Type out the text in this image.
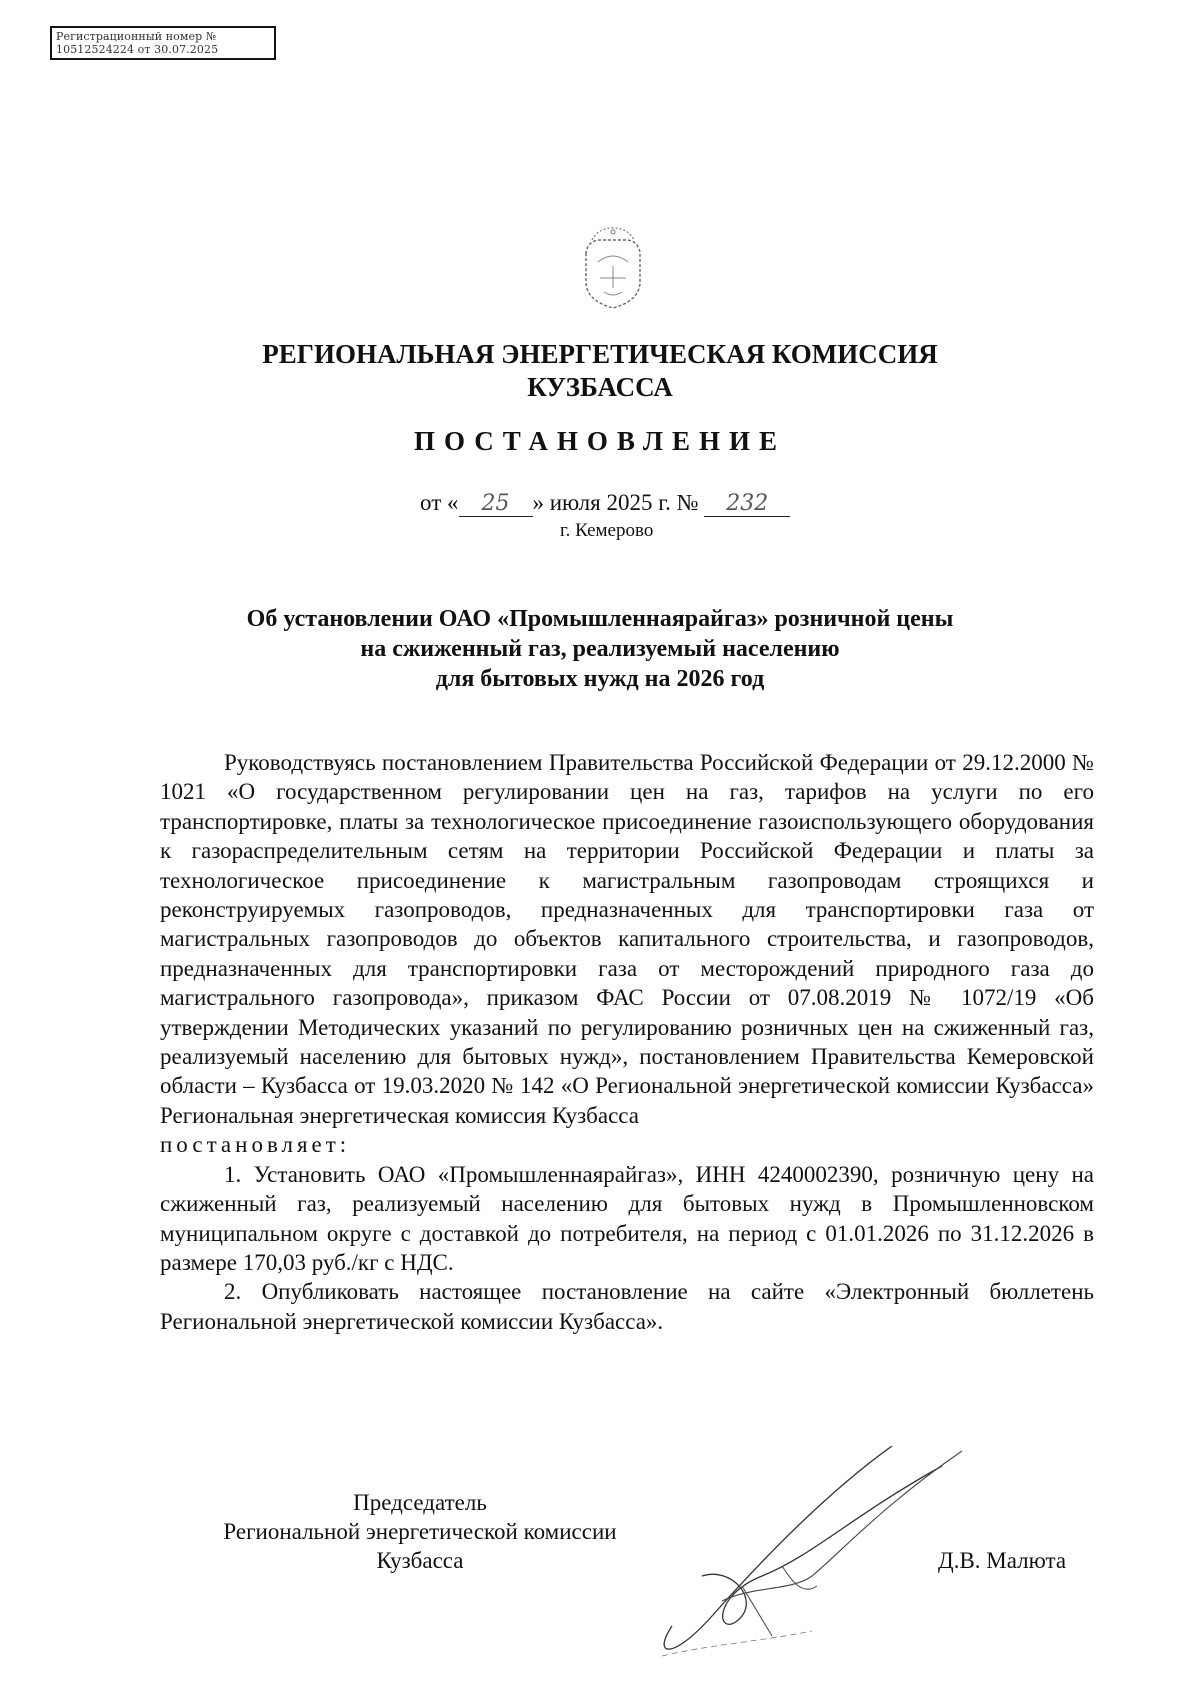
Регистрационный номер №
10512524224 от 30.07.2025
РЕГИОНАЛЬНАЯ ЭНЕРГЕТИЧЕСКАЯ КОМИССИЯ
КУЗБАССА
ПОСТАНОВЛЕНИЕ
от « 25 » июля 2025 г. № 232
г. Кемерово
Об установлении ОАО «Промышленнаярайгаз» розничной цены
на сжиженный газ, реализуемый населению
для бытовых нужд на 2026 год

Руководствуясь постановлением Правительства Российской Федерации от 29.12.2000 № 1021 «О государственном регулировании цен на газ, тарифов на услуги по его транспортировке, платы за технологическое присоединение газоиспользующего оборудования к газораспределительным сетям на территории Российской Федерации и платы за технологическое присоединение к магистральным газопроводам строящихся и реконструируемых газопроводов, предназначенных для транспортировки газа от магистральных газопроводов до объектов капитального строительства, и газопроводов, предназначенных для транспортировки газа от месторождений природного газа до магистрального газопровода», приказом ФАС России от 07.08.2019 № 1072/19 «Об утверждении Методических указаний по регулированию розничных цен на сжиженный газ, реализуемый населению для бытовых нужд», постановлением Правительства Кемеровской области – Кузбасса от 19.03.2020 № 142 «О Региональной энергетической комиссии Кузбасса» Региональная энергетическая комиссия Кузбасса

постановляет:

1. Установить ОАО «Промышленнаярайгаз», ИНН 4240002390, розничную цену на сжиженный газ, реализуемый населению для бытовых нужд в Промышленновском муниципальном округе с доставкой до потребителя, на период с 01.01.2026 по 31.12.2026 в размере 170,03 руб./кг с НДС.

2. Опубликовать настоящее постановление на сайте «Электронный бюллетень Региональной энергетической комиссии Кузбасса».

Председатель
Региональной энергетической комиссии
Кузбасса	Д.В. Малюта
